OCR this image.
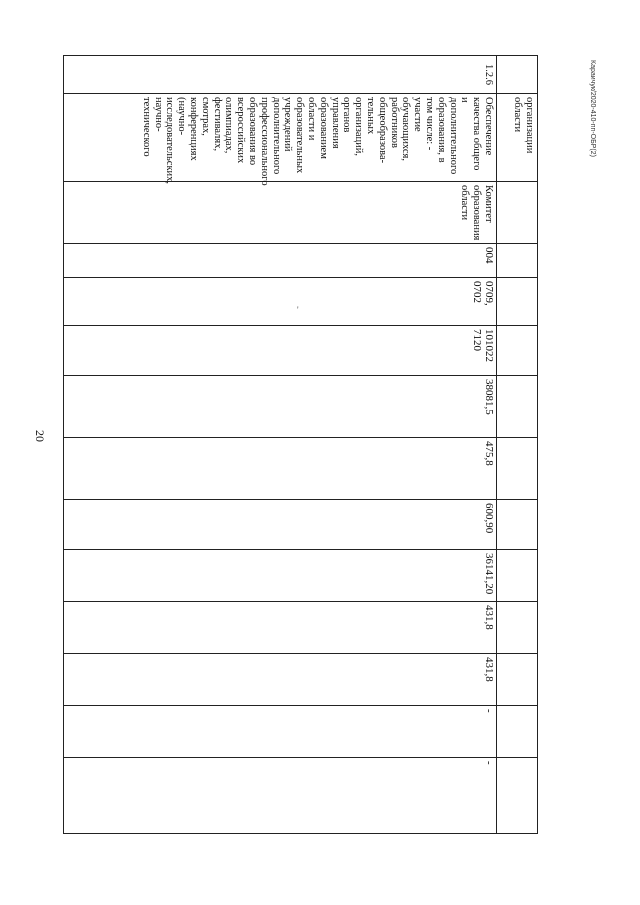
20
Караичук/2020-410-пп-ОБР(2)
'
	организации области												
1.2.6	Обеспечение качества общего и дополнительного образования, в том числе: - участие обучающихся, работников общеобразова-тельных организаций, органов управления образованием области и образовательных учреждений дополнительного профессионального образования во всероссийских олимпиадах, фестивалях, смотрах, конференциях (научно-исследовательских, научно-технического	Комитет образования области	004	0709, 0702	101022 7120	38081,5	475,8	600,90	36141,20	431,8	431,8	-	-
